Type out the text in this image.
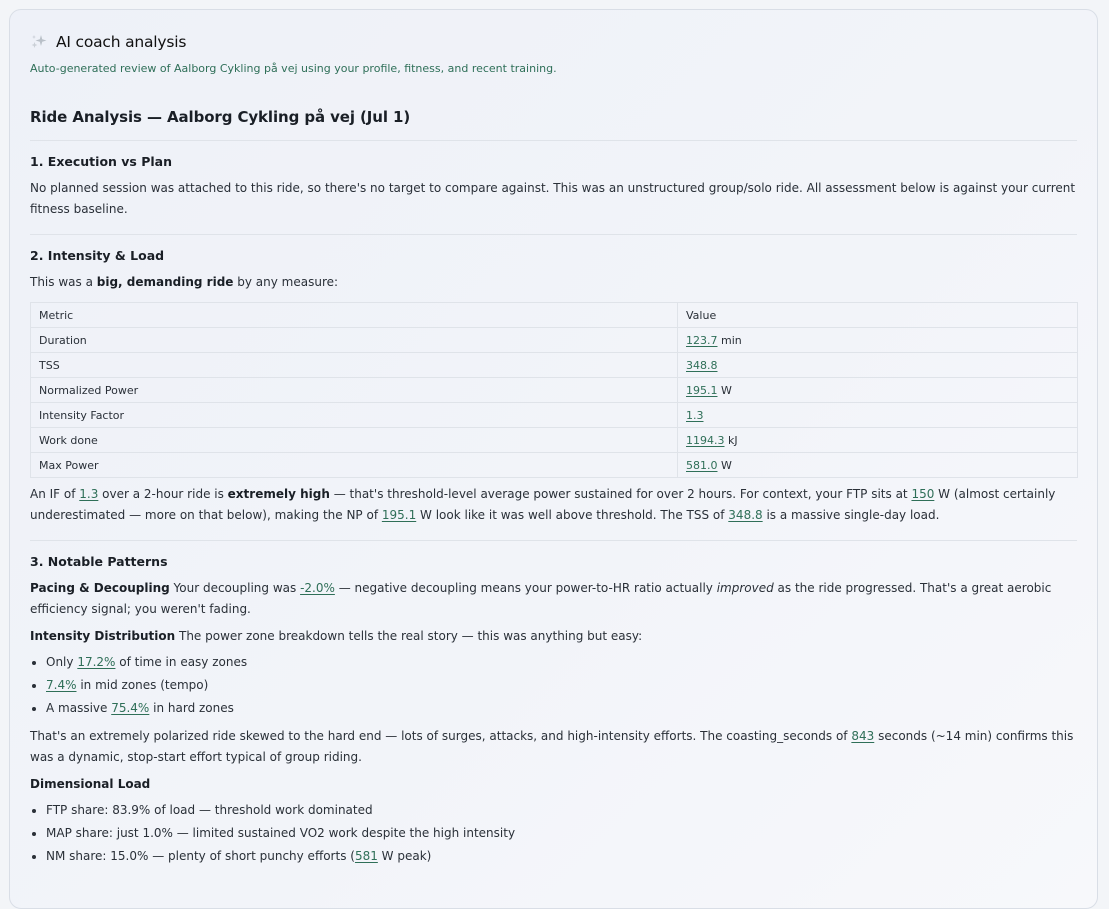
AI coach analysis
Auto-generated review of Aalborg Cykling på vej using your profile, fitness, and recent training.
Ride Analysis — Aalborg Cykling på vej (Jul 1)
1. Execution vs Plan

No planned session was attached to this ride, so there's no target to compare against. This was an unstructured group/solo ride. All assessment below is against your current fitness baseline.

2. Intensity & Load

This was a big, demanding ride by any measure:

Metric	Value
Duration	123.7 min
TSS	348.8
Normalized Power	195.1 W
Intensity Factor	1.3
Work done	1194.3 kJ
Max Power	581.0 W

An IF of 1.3 over a 2-hour ride is extremely high — that's threshold-level average power sustained for over 2 hours. For context, your FTP sits at 150 W (almost certainly underestimated — more on that below), making the NP of 195.1 W look like it was well above threshold. The TSS of 348.8 is a massive single-day load.

3. Notable Patterns

Pacing & Decoupling Your decoupling was -2.0% — negative decoupling means your power-to-HR ratio actually improved as the ride progressed. That's a great aerobic efficiency signal; you weren't fading.

Intensity Distribution The power zone breakdown tells the real story — this was anything but easy:

• Only 17.2% of time in easy zones
• 7.4% in mid zones (tempo)
• A massive 75.4% in hard zones

That's an extremely polarized ride skewed to the hard end — lots of surges, attacks, and high-intensity efforts. The coasting_seconds of 843 seconds (~14 min) confirms this was a dynamic, stop-start effort typical of group riding.

Dimensional Load

• FTP share: 83.9% of load — threshold work dominated
• MAP share: just 1.0% — limited sustained VO2 work despite the high intensity
• NM share: 15.0% — plenty of short punchy efforts (581 W peak)
